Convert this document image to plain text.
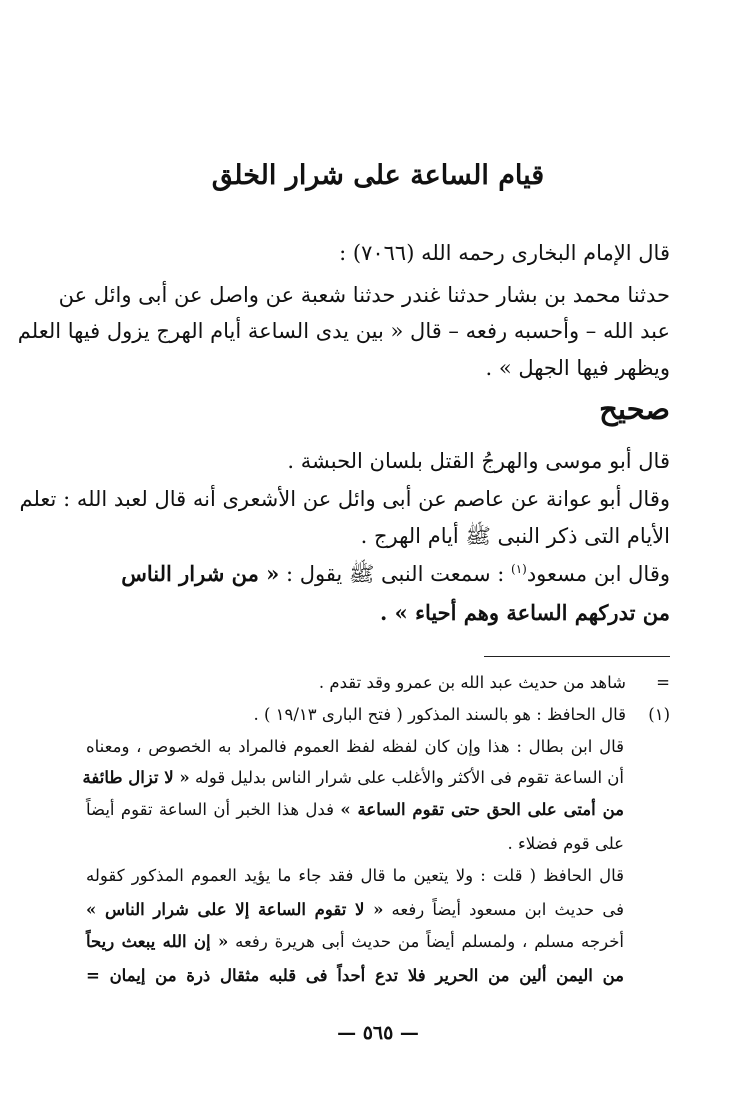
قيام الساعة على شرار الخلق
قال الإمام البخارى رحمه الله (٧٠٦٦) :
حدثنا محمد بن بشار حدثنا غندر حدثنا شعبة عن واصل عن أبى وائل عن
عبد الله – وأحسبه رفعه – قال « بين يدى الساعة أيام الهرج يزول فيها العلم
ويظهر فيها الجهل » .
صحيح
قال أبو موسى والهرجُ القتل بلسان الحبشة .
وقال أبو عوانة عن عاصم عن أبى وائل عن الأشعرى أنه قال لعبد الله : تعلم
الأيام التى ذكر النبى ﷺ أيام الهرج .
وقال ابن مسعود$^{(١)}$ : سمعت النبى ﷺ يقول : « من شرار الناس
من تدركهم الساعة وهم أحياء » .
=شاهد من حديث عبد الله بن عمرو وقد تقدم .
(١)قال الحافظ : هو بالسند المذكور ( فتح البارى ١٩/١٣ ) .
قال ابن بطال : هذا وإن كان لفظه لفظ العموم فالمراد به الخصوص ، ومعناه
أن الساعة تقوم فى الأكثر والأغلب على شرار الناس بدليل قوله « لا تزال طائفة
من أمتى على الحق حتى تقوم الساعة » فدل هذا الخبر أن الساعة تقوم أيضاً
على قوم فضلاء .
قال الحافظ ( قلت : ولا يتعين ما قال فقد جاء ما يؤيد العموم المذكور كقوله
فى حديث ابن مسعود أيضاً رفعه « لا تقوم الساعة إلا على شرار الناس »
أخرجه مسلم ، ولمسلم أيضاً من حديث أبى هريرة رفعه « إن الله يبعث ريحاً
من اليمن ألين من الحرير فلا تدع أحداً فى قلبه مثقال ذرة من إيمان =
— ٥٦٥ —
